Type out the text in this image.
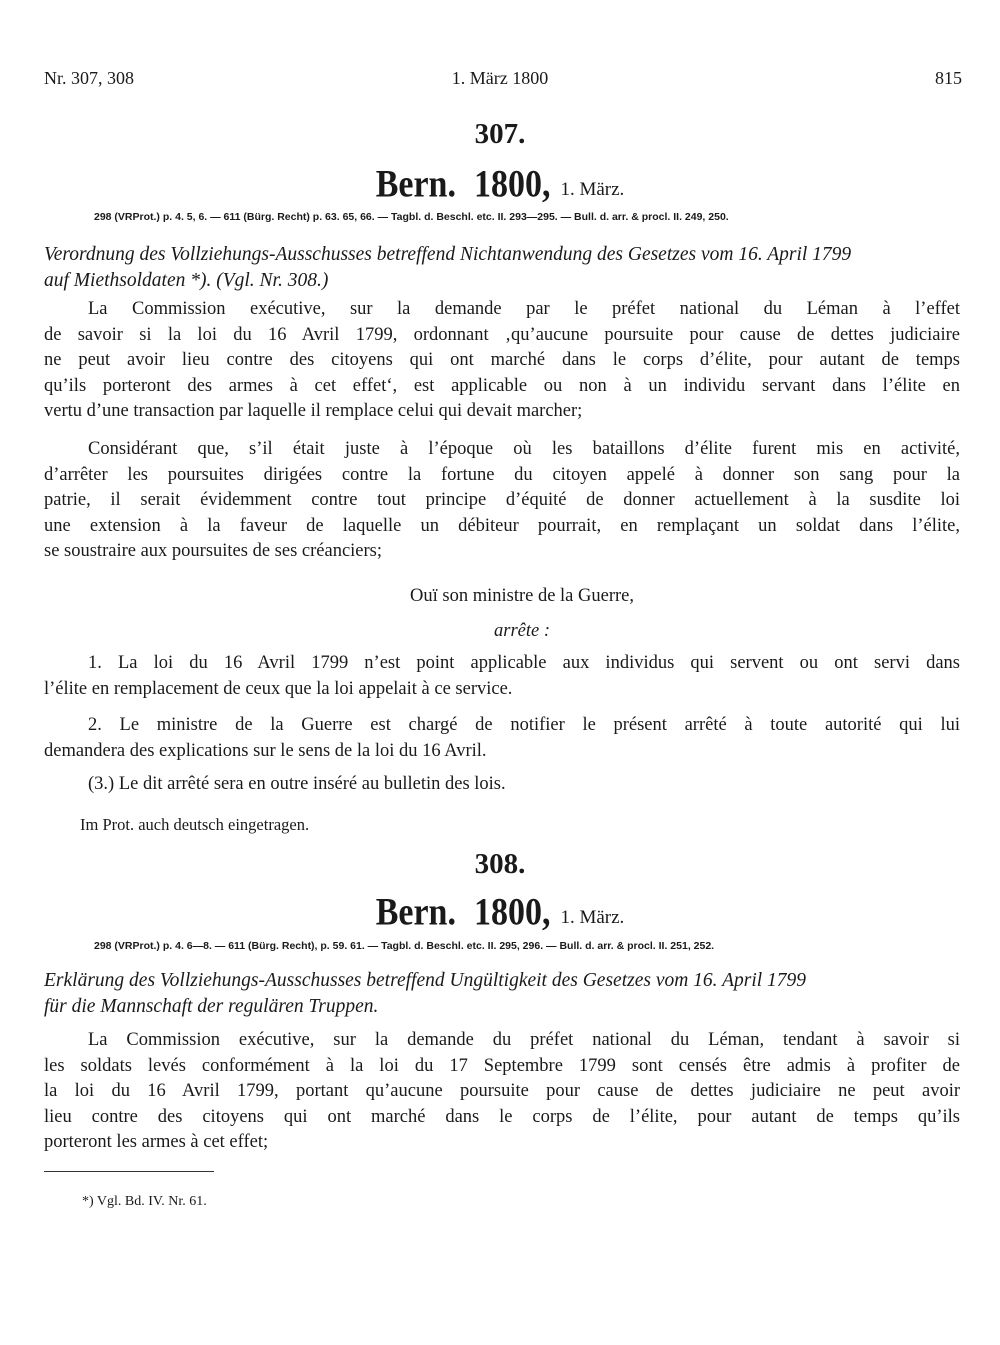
Nr. 307, 308	1. März 1800	815
307.
Bern. 1800, 1. März.
298 (VRProt.) p. 4. 5, 6. — 611 (Bürg. Recht) p. 63. 65, 66. — Tagbl. d. Beschl. etc. II. 293—295. — Bull. d. arr. & procl. II. 249, 250.
Verordnung des Vollziehungs-Ausschusses betreffend Nichtanwendung des Gesetzes vom 16. April 1799
auf Miethsoldaten *). (Vgl. Nr. 308.)
La Commission exécutive, sur la demande par le préfet national du Léman à l’effet
de savoir si la loi du 16 Avril 1799, ordonnant ‚qu’aucune poursuite pour cause de dettes judiciaire
ne peut avoir lieu contre des citoyens qui ont marché dans le corps d’élite, pour autant de temps
qu’ils porteront des armes à cet effet‘, est applicable ou non à un individu servant dans l’élite en
vertu d’une transaction par laquelle il remplace celui qui devait marcher;
Considérant que, s’il était juste à l’époque où les bataillons d’élite furent mis en activité,
d’arrêter les poursuites dirigées contre la fortune du citoyen appelé à donner son sang pour la
patrie, il serait évidemment contre tout principe d’équité de donner actuellement à la susdite loi
une extension à la faveur de laquelle un débiteur pourrait, en remplaçant un soldat dans l’élite,
se soustraire aux poursuites de ses créanciers;
Ouï son ministre de la Guerre,
arrête :
1. La loi du 16 Avril 1799 n’est point applicable aux individus qui servent ou ont servi dans
l’élite en remplacement de ceux que la loi appelait à ce service.
2. Le ministre de la Guerre est chargé de notifier le présent arrêté à toute autorité qui lui
demandera des explications sur le sens de la loi du 16 Avril.
(3.) Le dit arrêté sera en outre inséré au bulletin des lois.
Im Prot. auch deutsch eingetragen.
308.
Bern. 1800, 1. März.
298 (VRProt.) p. 4. 6—8. — 611 (Bürg. Recht), p. 59. 61. — Tagbl. d. Beschl. etc. II. 295, 296. — Bull. d. arr. & procl. II. 251, 252.
Erklärung des Vollziehungs-Ausschusses betreffend Ungültigkeit des Gesetzes vom 16. April 1799
für die Mannschaft der regulären Truppen.
La Commission exécutive, sur la demande du préfet national du Léman, tendant à savoir si
les soldats levés conformément à la loi du 17 Septembre 1799 sont censés être admis à profiter de
la loi du 16 Avril 1799, portant qu’aucune poursuite pour cause de dettes judiciaire ne peut avoir
lieu contre des citoyens qui ont marché dans le corps de l’élite, pour autant de temps qu’ils
porteront les armes à cet effet;
*) Vgl. Bd. IV. Nr. 61.
